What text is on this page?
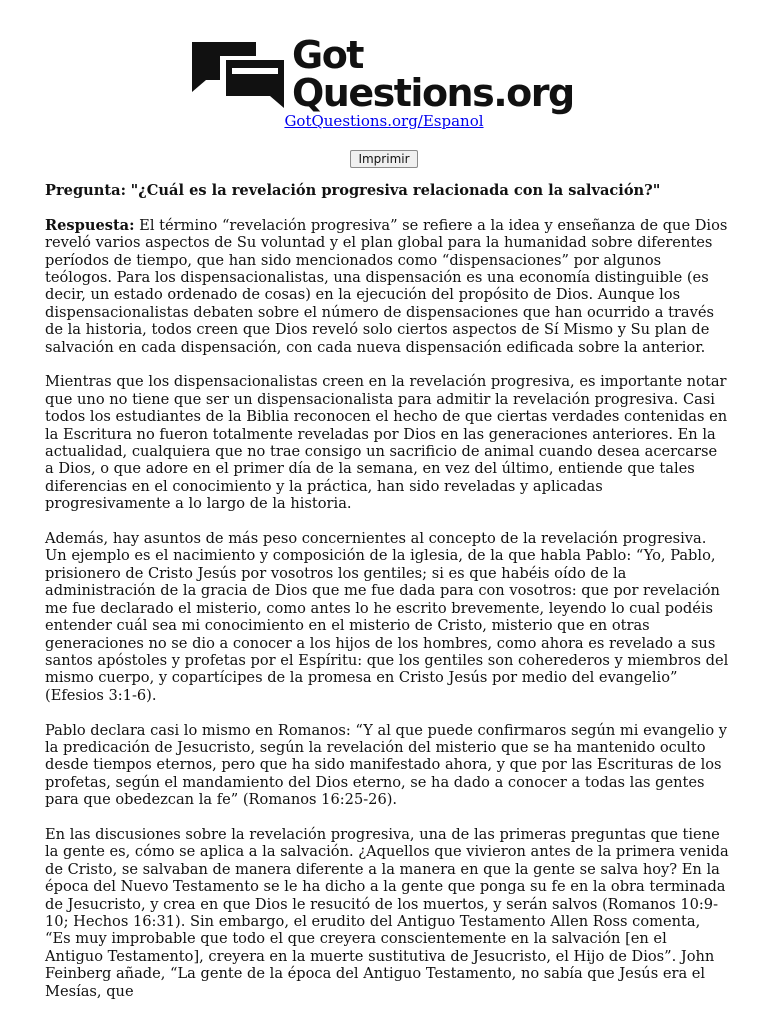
Got
Questions.org
GotQuestions.org/Espanol
Imprimir

Pregunta: "¿Cuál es la revelación progresiva relacionada con la salvación?"

Respuesta: El término “revelación progresiva” se refiere a la idea y enseñanza de que Dios reveló varios aspectos de Su voluntad y el plan global para la humanidad sobre diferentes períodos de tiempo, que han sido mencionados como “dispensaciones” por algunos teólogos. Para los dispensacionalistas, una dispensación es una economía distinguible (es decir, un estado ordenado de cosas) en la ejecución del propósito de Dios. Aunque los dispensacionalistas debaten sobre el número de dispensaciones que han ocurrido a través de la historia, todos creen que Dios reveló solo ciertos aspectos de Sí Mismo y Su plan de salvación en cada dispensación, con cada nueva dispensación edificada sobre la anterior.

Mientras que los dispensacionalistas creen en la revelación progresiva, es importante notar que uno no tiene que ser un dispensacionalista para admitir la revelación progresiva. Casi todos los estudiantes de la Biblia reconocen el hecho de que ciertas verdades contenidas en la Escritura no fueron totalmente reveladas por Dios en las generaciones anteriores. En la actualidad, cualquiera que no trae consigo un sacrificio de animal cuando desea acercarse a Dios, o que adore en el primer día de la semana, en vez del último, entiende que tales diferencias en el conocimiento y la práctica, han sido reveladas y aplicadas progresivamente a lo largo de la historia.

Además, hay asuntos de más peso concernientes al concepto de la revelación progresiva. Un ejemplo es el nacimiento y composición de la iglesia, de la que habla Pablo: “Yo, Pablo, prisionero de Cristo Jesús por vosotros los gentiles; si es que habéis oído de la administración de la gracia de Dios que me fue dada para con vosotros: que por revelación me fue declarado el misterio, como antes lo he escrito brevemente, leyendo lo cual podéis entender cuál sea mi conocimiento en el misterio de Cristo, misterio que en otras generaciones no se dio a conocer a los hijos de los hombres, como ahora es revelado a sus santos apóstoles y profetas por el Espíritu: que los gentiles son coherederos y miembros del mismo cuerpo, y copartícipes de la promesa en Cristo Jesús por medio del evangelio” (Efesios 3:1-6).

Pablo declara casi lo mismo en Romanos: “Y al que puede confirmaros según mi evangelio y la predicación de Jesucristo, según la revelación del misterio que se ha mantenido oculto desde tiempos eternos, pero que ha sido manifestado ahora, y que por las Escrituras de los profetas, según el mandamiento del Dios eterno, se ha dado a conocer a todas las gentes para que obedezcan la fe” (Romanos 16:25-26).

En las discusiones sobre la revelación progresiva, una de las primeras preguntas que tiene la gente es, cómo se aplica a la salvación. ¿Aquellos que vivieron antes de la primera venida de Cristo, se salvaban de manera diferente a la manera en que la gente se salva hoy? En la época del Nuevo Testamento se le ha dicho a la gente que ponga su fe en la obra terminada de Jesucristo, y crea en que Dios le resucitó de los muertos, y serán salvos (Romanos 10:9-10; Hechos 16:31). Sin embargo, el erudito del Antiguo Testamento Allen Ross comenta, “Es muy improbable que todo el que creyera conscientemente en la salvación [en el Antiguo Testamento], creyera en la muerte sustitutiva de Jesucristo, el Hijo de Dios”. John Feinberg añade, “La gente de la época del Antiguo Testamento, no sabía que Jesús era el Mesías, que
